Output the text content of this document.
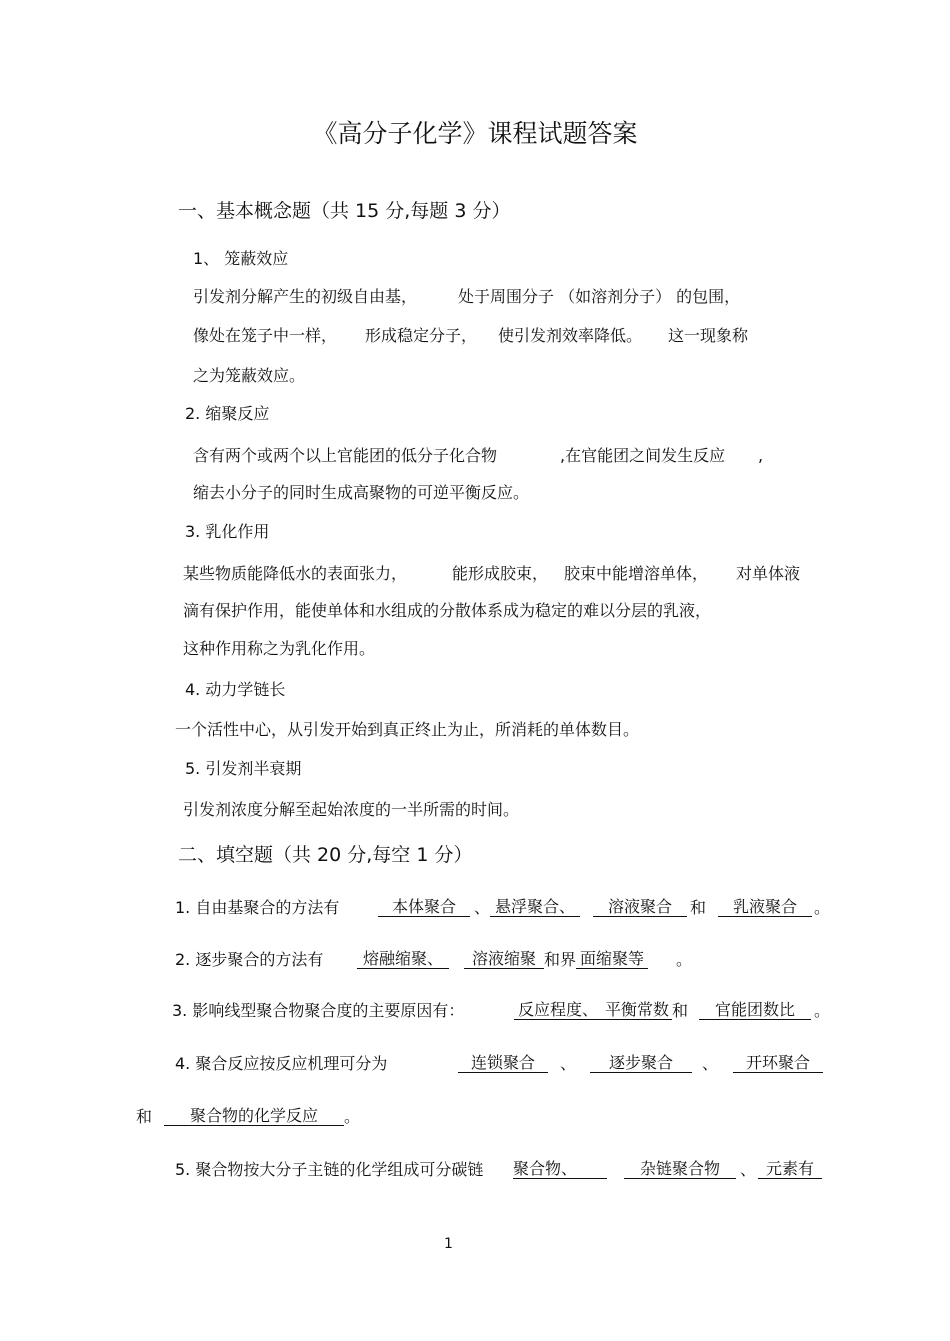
《高分子化学》课程试题答案
一、基本概念题（共 15 分,每题 3 分）
1、 笼蔽效应
引发剂分解产生的初级自由基，	处于周围分子 （如溶剂分子） 的包围，
像处在笼子中一样， 形成稳定分子， 使引发剂效率降低。 这一现象称
之为笼蔽效应。
2. 缩聚反应
含有两个或两个以上官能团的低分子化合物	,在官能团之间发生反应 ,
缩去小分子的同时生成高聚物的可逆平衡反应。
3. 乳化作用
某些物质能降低水的表面张力，	能形成胶束， 胶束中能增溶单体， 对单体液
滴有保护作用，能使单体和水组成的分散体系成为稳定的难以分层的乳液，
这种作用称之为乳化作用。
4. 动力学链长
一个活性中心，从引发开始到真正终止为止，所消耗的单体数目。
5. 引发剂半衰期
引发剂浓度分解至起始浓度的一半所需的时间。
二、填空题（共 20 分,每空 1 分）
1. 自由基聚合的方法有	本体聚合	、 悬浮聚合、	溶液聚合	和	乳液聚合	。
2. 逐步聚合的方法有	熔融缩聚、	溶液缩聚 和界 面缩聚等 。
3. 影响线型聚合物聚合度的主要原因有：	反应程度、 平衡常数 和	官能团数比	。
4. 聚合反应按反应机理可分为	连锁聚合	、	逐步聚合	、	开环聚合
和	聚合物的化学反应	。
5. 聚合物按大分子主链的化学组成可分碳链 聚合物、	杂链聚合物	、 元素有
1
